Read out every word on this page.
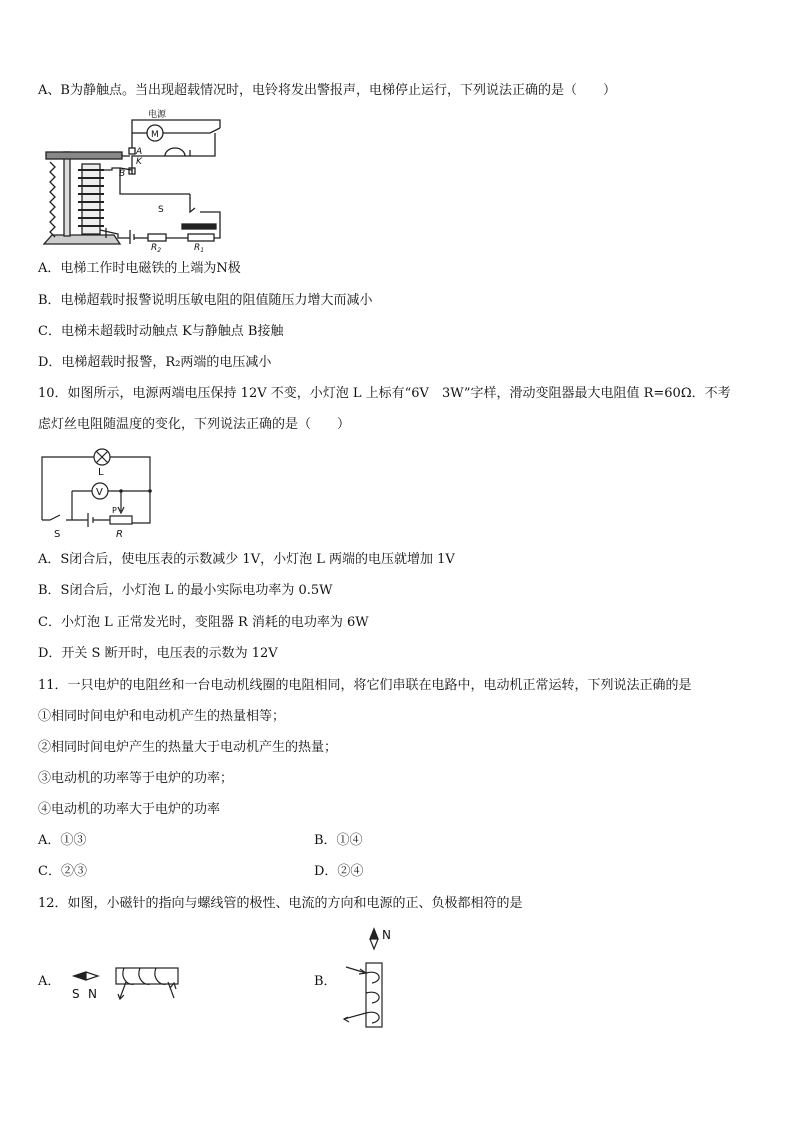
A、B为静触点。当出现超载情况时，电铃将发出警报声，电梯停止运行，下列说法正确的是（　　）
电源
M
A
K
B
S
$R_2$	$R_1$
A．电梯工作时电磁铁的上端为N极
B．电梯超载时报警说明压敏电阻的阻值随压力增大而减小
C．电梯未超载时动触点 K与静触点 B接触
D．电梯超载时报警，R₂两端的电压减小
10．如图所示，电源两端电压保持 12V 不变，小灯泡 L 上标有“6V　3W”字样，滑动变阻器最大电阻值 R=60Ω．不考
虑灯丝电阻随温度的变化，下列说法正确的是（　　）
L
V
P
R
S
A．S闭合后，使电压表的示数减少 1V，小灯泡 L 两端的电压就增加 1V
B．S闭合后，小灯泡 L 的最小实际电功率为 0.5W
C．小灯泡 L 正常发光时，变阻器 R 消耗的电功率为 6W
D．开关 S 断开时，电压表的示数为 12V
11．一只电炉的电阻丝和一台电动机线圈的电阻相同，将它们串联在电路中，电动机正常运转，下列说法正确的是
①相同时间电炉和电动机产生的热量相等；
②相同时间电炉产生的热量大于电动机产生的热量；
③电动机的功率等于电炉的功率；
④电动机的功率大于电炉的功率
A．①③	B．①④
C．②③	D．②④
12．如图，小磁针的指向与螺线管的极性、电流的方向和电源的正、负极都相符的是
A．
S N
B．
N
